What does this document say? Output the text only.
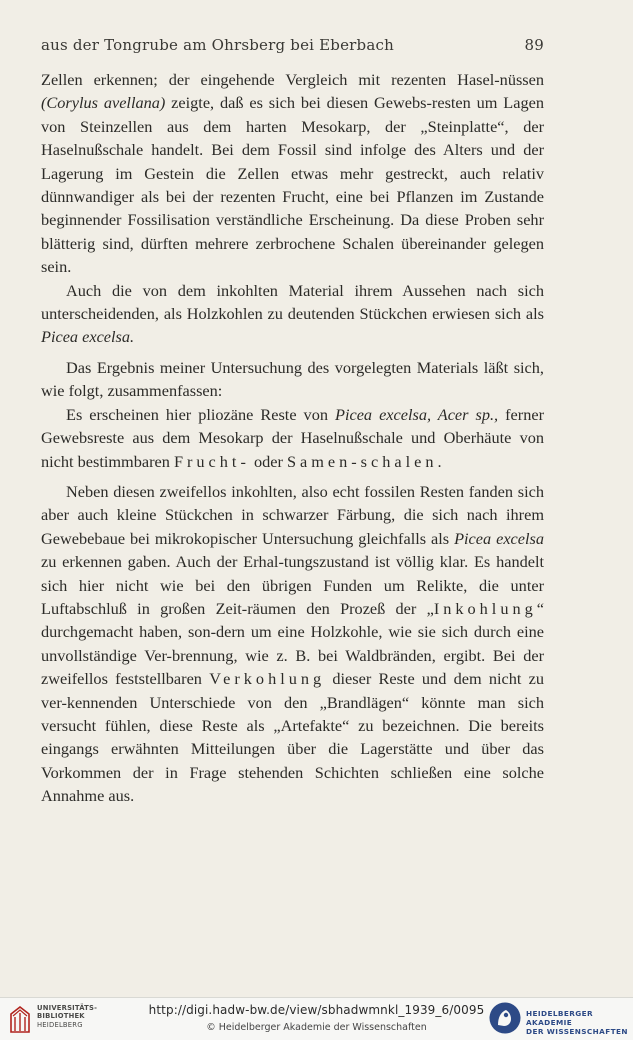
aus der Tongrube am Ohrsberg bei Eberbach	89

Zellen erkennen; der eingehende Vergleich mit rezenten Hasel-nüssen (Corylus avellana) zeigte, daß es sich bei diesen Gewebs-resten um Lagen von Steinzellen aus dem harten Mesokarp, der „Steinplatte“, der Haselnußschale handelt. Bei dem Fossil sind infolge des Alters und der Lagerung im Gestein die Zellen etwas mehr gestreckt, auch relativ dünnwandiger als bei der rezenten Frucht, eine bei Pflanzen im Zustande beginnender Fossilisation verständliche Erscheinung. Da diese Proben sehr blätterig sind, dürften mehrere zerbrochene Schalen übereinander gelegen sein.

Auch die von dem inkohlten Material ihrem Aussehen nach sich unterscheidenden, als Holzkohlen zu deutenden Stückchen erwiesen sich als Picea excelsa.

Das Ergebnis meiner Untersuchung des vorgelegten Materials läßt sich, wie folgt, zusammenfassen:

Es erscheinen hier pliozäne Reste von Picea excelsa, Acer sp., ferner Gewebsreste aus dem Mesokarp der Haselnußschale und Oberhäute von nicht bestimmbaren Frucht- oder Samen-schalen.

Neben diesen zweifellos inkohlten, also echt fossilen Resten fanden sich aber auch kleine Stückchen in schwarzer Färbung, die sich nach ihrem Gewebebaue bei mikrokopischer Untersuchung gleichfalls als Picea excelsa zu erkennen gaben. Auch der Erhal-tungszustand ist völlig klar. Es handelt sich hier nicht wie bei den übrigen Funden um Relikte, die unter Luftabschluß in großen Zeit-räumen den Prozeß der „Inkohlung“ durchgemacht haben, son-dern um eine Holzkohle, wie sie sich durch eine unvollständige Ver-brennung, wie z. B. bei Waldbränden, ergibt. Bei der zweifellos feststellbaren Verkohlung dieser Reste und dem nicht zu ver-kennenden Unterschiede von den „Brandlägen“ könnte man sich versucht fühlen, diese Reste als „Artefakte“ zu bezeichnen. Die bereits eingangs erwähnten Mitteilungen über die Lagerstätte und über das Vorkommen der in Frage stehenden Schichten schließen eine solche Annahme aus.

UNIVERSITÄTS-
BIBLIOTHEK
HEIDELBERG
http://digi.hadw-bw.de/view/sbhadwmnkl_1939_6/0095
© Heidelberger Akademie der Wissenschaften
HEIDELBERGER AKADEMIE
DER WISSENSCHAFTEN
